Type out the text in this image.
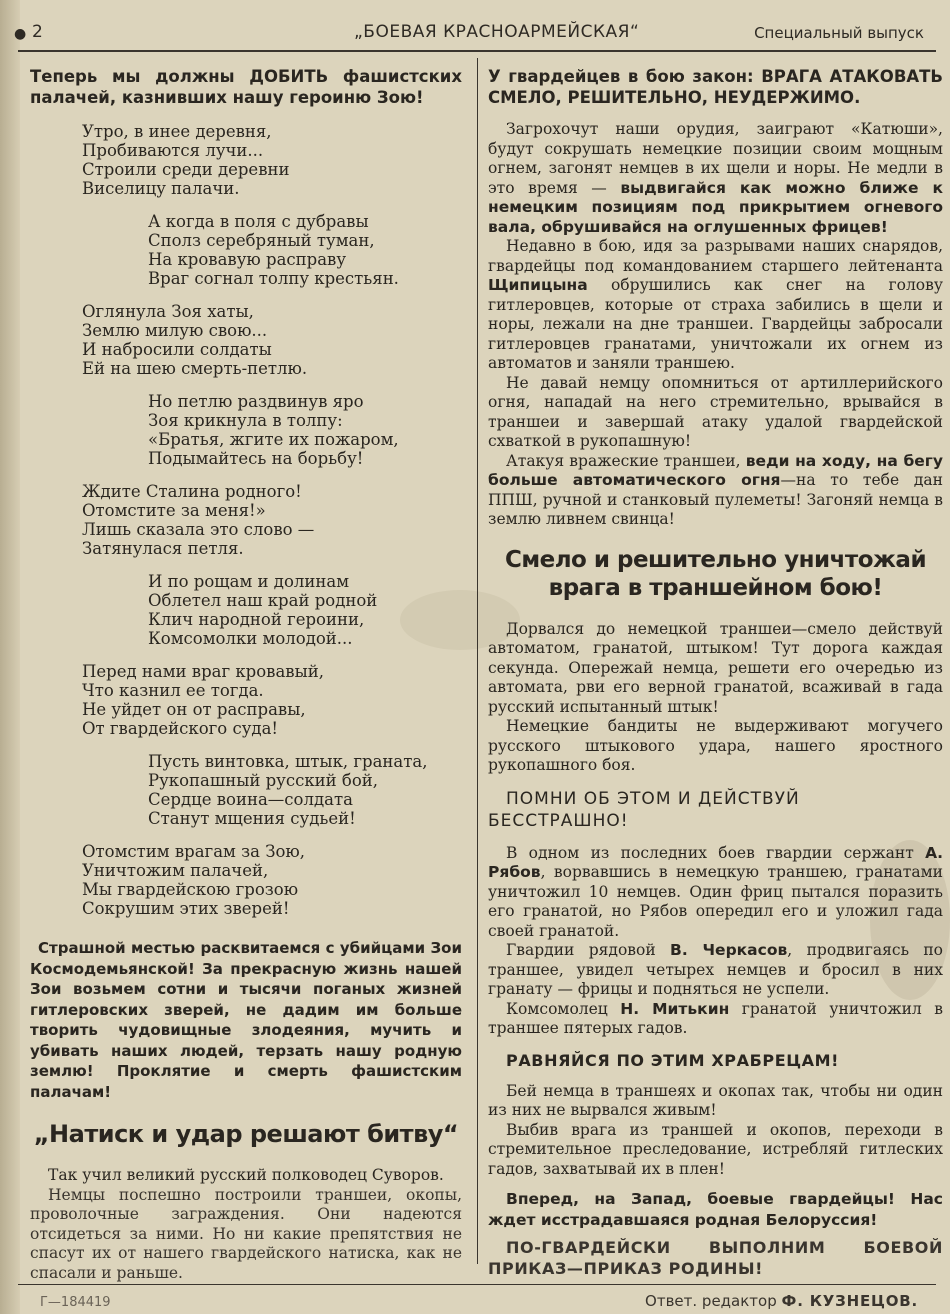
● 2	„БОЕВАЯ КРАСНОАРМЕЙСКАЯ“	Специальный выпуск

Теперь мы должны ДОБИТЬ фашистских палачей, казнивших нашу героиню Зою!

Утро, в инее деревня,
Пробиваются лучи...
Строили среди деревни
Виселицу палачи.
А когда в поля с дубравы
Сполз серебряный туман,
На кровавую расправу
Враг согнал толпу крестьян.
Оглянула Зоя хаты,
Землю милую свою...
И набросили солдаты
Ей на шею смерть-петлю.
Но петлю раздвинув яро
Зоя крикнула в толпу:
«Братья, жгите их пожаром,
Подымайтесь на борьбу!
Ждите Сталина родного!
Отомстите за меня!»
Лишь сказала это слово —
Затянулася петля.
И по рощам и долинам
Облетел наш край родной
Клич народной героини,
Комсомолки молодой...
Перед нами враг кровавый,
Что казнил ее тогда.
Не уйдет он от расправы,
От гвардейского суда!
Пусть винтовка, штык, граната,
Рукопашный русский бой,
Сердце воина—солдата
Станут мщения судьей!
Отомстим врагам за Зою,
Уничтожим палачей,
Мы гвардейскою грозою
Сокрушим этих зверей!

Страшной местью расквитаемся с убийцами Зои Космодемьянской! За прекрасную жизнь нашей Зои возьмем сотни и тысячи поганых жизней гитлеровских зверей, не дадим им больше творить чудовищные злодеяния, мучить и убивать наших людей, терзать нашу родную землю! Проклятие и смерть фашистским палачам!

„Натиск и удар решают битву“

Так учил великий русский полководец Суворов.

Немцы поспешно построили траншеи, окопы, проволочные заграждения. Они надеются отсидеться за ними. Но ни какие препятствия не спасут их от нашего гвардейского натиска, как не спасали и раньше.

У гвардейцев в бою закон: ВРАГА АТАКОВАТЬ СМЕЛО, РЕШИТЕЛЬНО, НЕУДЕРЖИМО.

Загрохочут наши орудия, заиграют «Катюши», будут сокрушать немецкие позиции своим мощным огнем, загонят немцев в их щели и норы. Не медли в это время — выдвигайся как можно ближе к немецким позициям под прикрытием огневого вала, обрушивайся на оглушенных фрицев!

Недавно в бою, идя за разрывами наших снарядов, гвардейцы под командованием старшего лейтенанта Щипицына обрушились как снег на голову гитлеровцев, которые от страха забились в щели и норы, лежали на дне траншеи. Гвардейцы забросали гитлеровцев гранатами, уничтожали их огнем из автоматов и заняли траншею.

Не давай немцу опомниться от артиллерийского огня, нападай на него стремительно, врывайся в траншеи и завершай атаку удалой гвардейской схваткой в рукопашную!

Атакуя вражеские траншеи, веди на ходу, на бегу больше автоматического огня—на то тебе дан ППШ, ручной и станковый пулеметы! Загоняй немца в землю ливнем свинца!

Смело и решительно уничтожай

врага в траншейном бою!

Дорвался до немецкой траншеи—смело действуй автоматом, гранатой, штыком! Тут дорога каждая секунда. Опережай немца, решети его очередью из автомата, рви его верной гранатой, всаживай в гада русский испытанный штык!

Немецкие бандиты не выдерживают могучего русского штыкового удара, нашего яростного рукопашного боя.

ПОМНИ ОБ ЭТОМ И ДЕЙСТВУЙ БЕССТРАШНО!

В одном из последних боев гвардии сержант А. Рябов, ворвавшись в немецкую траншею, гранатами уничтожил 10 немцев. Один фриц пытался поразить его гранатой, но Рябов опередил его и уложил гада своей гранатой.

Гвардии рядовой В. Черкасов, продвигаясь по траншее, увидел четырех немцев и бросил в них гранату — фрицы и подняться не успели.

Комсомолец Н. Митькин гранатой уничтожил в траншее пятерых гадов.

РАВНЯЙСЯ ПО ЭТИМ ХРАБРЕЦАМ!

Бей немца в траншеях и окопах так, чтобы ни один из них не вырвался живым!

Выбив врага из траншей и окопов, переходи в стремительное преследование, истребляй гитлеских гадов, захватывай их в плен!

Вперед, на Запад, боевые гвардейцы! Нас ждет исстрадавшаяся родная Белоруссия!

ПО-ГВАРДЕЙСКИ ВЫПОЛНИМ БОЕВОЙ ПРИКАЗ—ПРИКАЗ РОДИНЫ!

Г—184419	Ответ. редактор Ф. КУЗНЕЦОВ.
